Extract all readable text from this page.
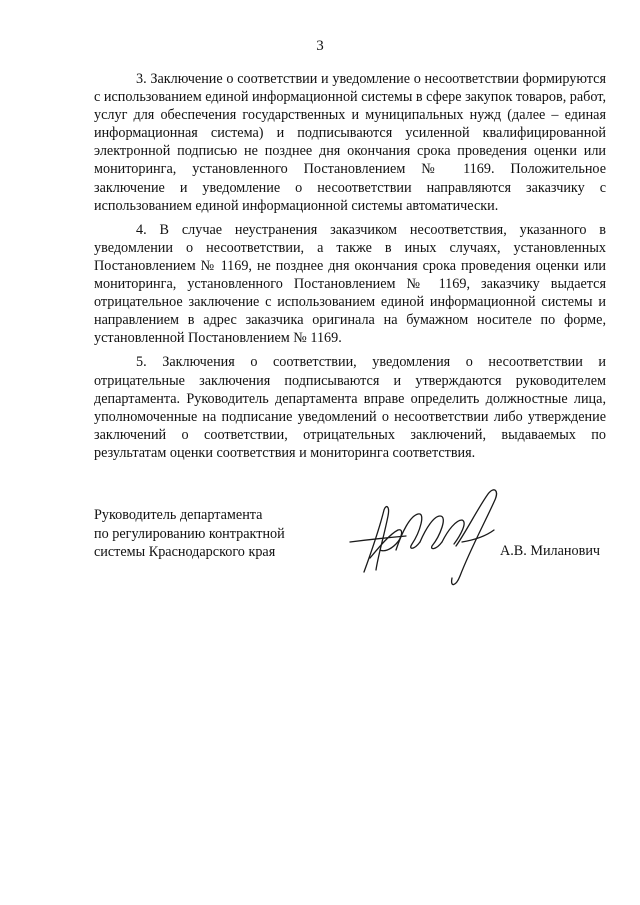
3

3. Заключение о соответствии и уведомление о несоответствии формируются с использованием единой информационной системы в сфере закупок товаров, работ, услуг для обеспечения государственных и муниципальных нужд (далее – единая информационная система) и подписываются усиленной квалифицированной электронной подписью не позднее дня окончания срока проведения оценки или мониторинга, установленного Постановлением № 1169. Положительное заключение и уведомление о несоответствии направляются заказчику с использованием единой информационной системы автоматически.

4. В случае неустранения заказчиком несоответствия, указанного в уведомлении о несоответствии, а также в иных случаях, установленных Постановлением № 1169, не позднее дня окончания срока проведения оценки или мониторинга, установленного Постановлением № 1169, заказчику выдается отрицательное заключение с использованием единой информационной системы и направлением в адрес заказчика оригинала на бумажном носителе по форме, установленной Постановлением № 1169.

5. Заключения о соответствии, уведомления о несоответствии и отрицательные заключения подписываются и утверждаются руководителем департамента. Руководитель департамента вправе определить должностные лица, уполномоченные на подписание уведомлений о несоответствии либо утверждение заключений о соответствии, отрицательных заключений, выдаваемых по результатам оценки соответствия и мониторинга соответствия.

Руководитель департамента
по регулированию контрактной
системы Краснодарского края	А.В. Миланович
